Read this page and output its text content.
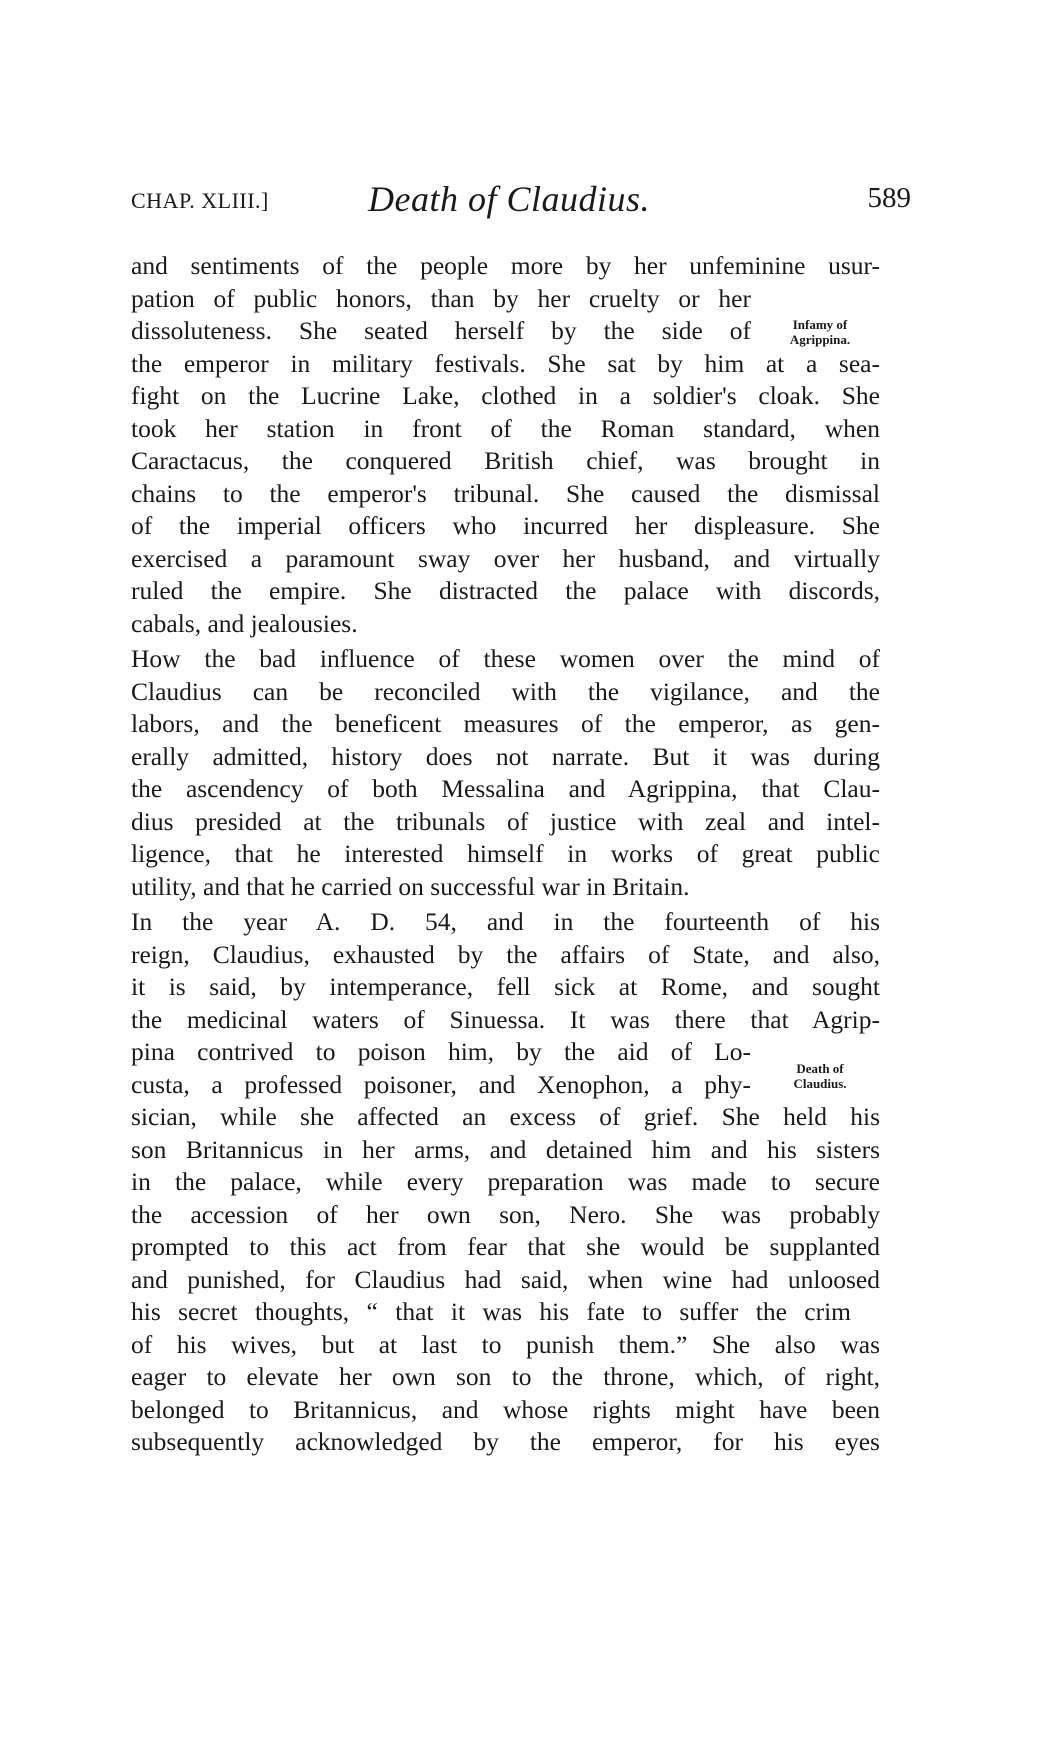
CHAP. XLIII.]	Death of Claudius.	589
Infamy of
Agrippina.
Death of
Claudius.
and sentiments of the people more by her unfeminine usur-
pation of public honors, than by her cruelty or her
dissoluteness. She seated herself by the side of
the emperor in military festivals. She sat by him at a sea-
fight on the Lucrine Lake, clothed in a soldier's cloak. She
took her station in front of the Roman standard, when
Caractacus, the conquered British chief, was brought in
chains to the emperor's tribunal. She caused the dismissal
of the imperial officers who incurred her displeasure. She
exercised a paramount sway over her husband, and virtually
ruled the empire. She distracted the palace with discords,
cabals, and jealousies.
How the bad influence of these women over the mind of
Claudius can be reconciled with the vigilance, and the
labors, and the beneficent measures of the emperor, as gen-
erally admitted, history does not narrate. But it was during
the ascendency of both Messalina and Agrippina, that Clau-
dius presided at the tribunals of justice with zeal and intel-
ligence, that he interested himself in works of great public
utility, and that he carried on successful war in Britain.
In the year A. D. 54, and in the fourteenth of his
reign, Claudius, exhausted by the affairs of State, and also,
it is said, by intemperance, fell sick at Rome, and sought
the medicinal waters of Sinuessa. It was there that Agrip-
pina contrived to poison him, by the aid of Lo-
custa, a professed poisoner, and Xenophon, a phy-
sician, while she affected an excess of grief. She held his
son Britannicus in her arms, and detained him and his sisters
in the palace, while every preparation was made to secure
the accession of her own son, Nero. She was probably
prompted to this act from fear that she would be supplanted
and punished, for Claudius had said, when wine had unloosed
his secret thoughts, “ that it was his fate to suffer the crim
of his wives, but at last to punish them.” She also was
eager to elevate her own son to the throne, which, of right,
belonged to Britannicus, and whose rights might have been
subsequently acknowledged by the emperor, for his eyes
